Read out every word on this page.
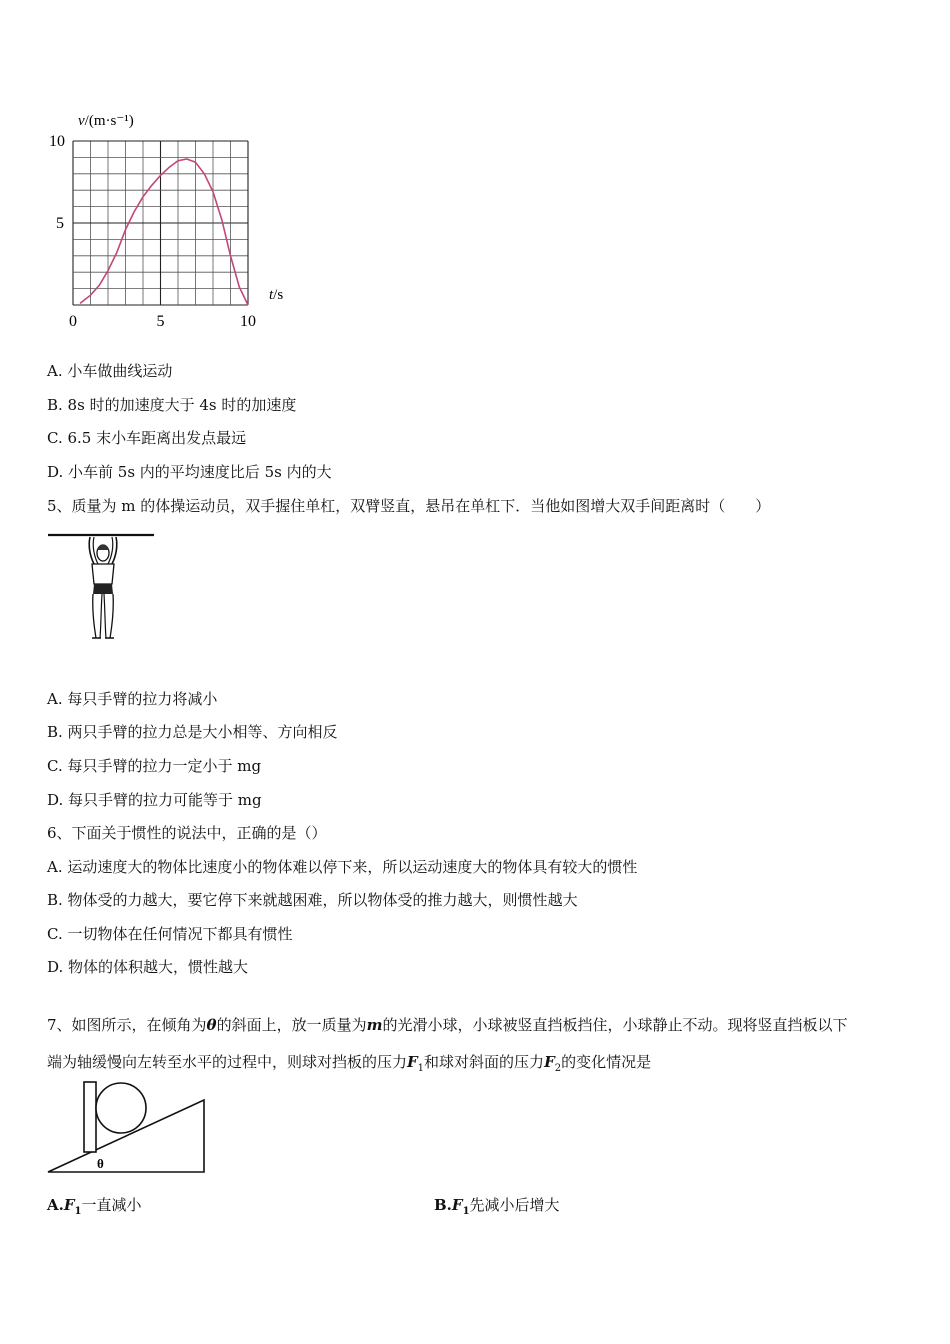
v/(m·s⁻¹)
t/s
0	5	10
5
10
A. 小车做曲线运动
B. 8s 时的加速度大于 4s 时的加速度
C. 6.5 末小车距离出发点最远
D. 小车前 5s 内的平均速度比后 5s 内的大
5、质量为 m 的体操运动员，双手握住单杠，双臂竖直，悬吊在单杠下．当他如图增大双手间距离时（　　）
A. 每只手臂的拉力将减小
B. 两只手臂的拉力总是大小相等、方向相反
C. 每只手臂的拉力一定小于 mg
D. 每只手臂的拉力可能等于 mg
6、下面关于惯性的说法中，正确的是（）
A. 运动速度大的物体比速度小的物体难以停下来，所以运动速度大的物体具有较大的惯性
B. 物体受的力越大，要它停下来就越困难，所以物体受的推力越大，则惯性越大
C. 一切物体在任何情况下都具有惯性
D. 物体的体积越大，惯性越大
7、如图所示，在倾角为θ的斜面上，放一质量为m的光滑小球，小球被竖直挡板挡住，小球静止不动。现将竖直挡板以下
端为轴缓慢向左转至水平的过程中，则球对挡板的压力$F_1$和球对斜面的压力$F_2$的变化情况是
θ
$A.F_1$一直减小	$B.F_1$先减小后增大
